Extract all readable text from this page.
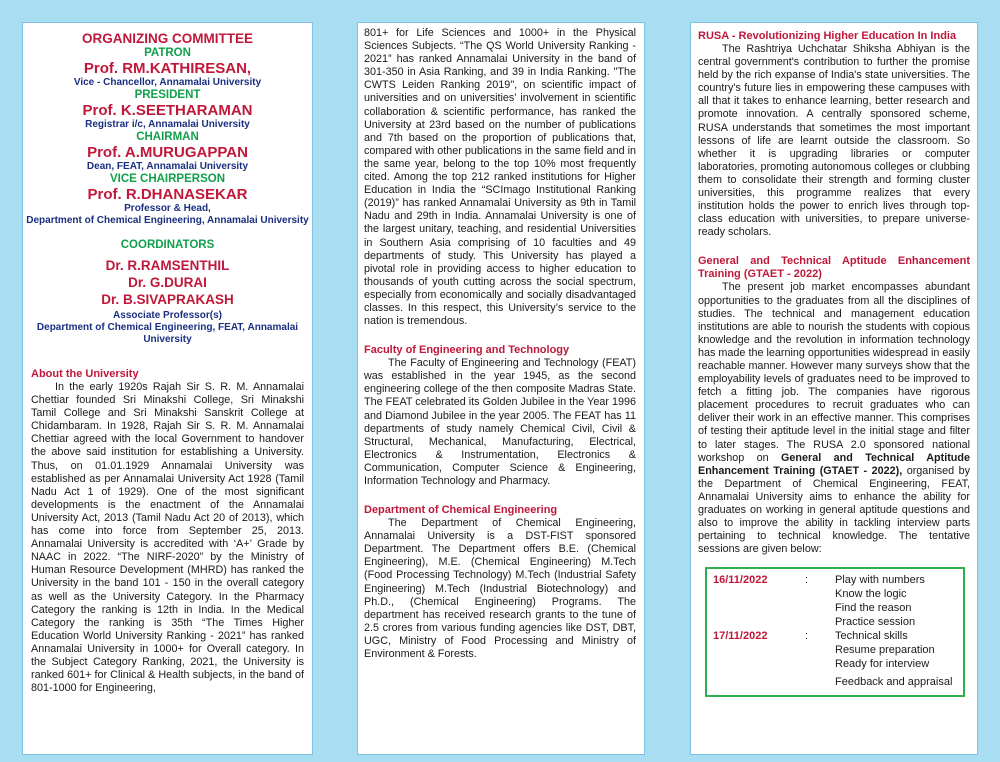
ORGANIZING COMMITTEE
PATRON
Prof. RM.KATHIRESAN,
Vice - Chancellor, Annamalai University
PRESIDENT
Prof. K.SEETHARAMAN
Registrar i/c, Annamalai University
CHAIRMAN
Prof. A.MURUGAPPAN
Dean, FEAT, Annamalai University
VICE CHAIRPERSON
Prof. R.DHANASEKAR
Professor & Head,
Department of Chemical Engineering, Annamalai University
COORDINATORS
Dr. R.RAMSENTHIL
Dr. G.DURAI
Dr. B.SIVAPRAKASH
Associate Professor(s)
Department of Chemical Engineering, FEAT, Annamalai University
About the University

In the early 1920s Rajah Sir S. R. M. Annamalai Chettiar founded Sri Minakshi College, Sri Minakshi Tamil College and Sri Minakshi Sanskrit College at Chidambaram. In 1928, Rajah Sir S. R. M. Annamalai Chettiar agreed with the local Government to handover the above said institution for establishing a University. Thus, on 01.01.1929 Annamalai University was established as per Annamalai University Act 1928 (Tamil Nadu Act 1 of 1929). One of the most significant developments is the enactment of the Annamalai University Act, 2013 (Tamil Nadu Act 20 of 2013), which has come into force from September 25, 2013. Annamalai University is accredited with ‘A+’ Grade by NAAC in 2022. “The NIRF-2020” by the Ministry of Human Resource Development (MHRD) has ranked the University in the band 101 - 150 in the overall category as well as the University Category. In the Pharmacy Category the ranking is 12th in India. In the Medical Category the ranking is 35th “The Times Higher Education World University Ranking - 2021” has ranked Annamalai University in 1000+ for Overall category. In the Subject Category Ranking, 2021, the University is ranked 601+ for Clinical & Health subjects, in the band of 801-1000 for Engineering,

801+ for Life Sciences and 1000+ in the Physical Sciences Subjects. “The QS World University Ranking - 2021” has ranked Annamalai University in the band of 301-350 in Asia Ranking, and 39 in India Ranking. "The CWTS Leiden Ranking 2019", on scientific impact of universities and on universities’ involvement in scientific collaboration & scientific performance, has ranked the University at 23rd based on the number of publications and 7th based on the proportion of publications that, compared with other publications in the same field and in the same year, belong to the top 10% most frequently cited. Among the top 212 ranked institutions for Higher Education in India the “SCImago Institutional Ranking (2019)” has ranked Annamalai University as 9th in Tamil Nadu and 29th in India. Annamalai University is one of the largest unitary, teaching, and residential Universities in Southern Asia comprising of 10 faculties and 49 departments of study. This University has played a pivotal role in providing access to higher education to thousands of youth cutting across the social spectrum, especially from economically and socially disadvantaged classes. In this respect, this University’s service to the nation is tremendous.

Faculty of Engineering and Technology

The Faculty of Engineering and Technology (FEAT) was established in the year 1945, as the second engineering college of the then composite Madras State. The FEAT celebrated its Golden Jubilee in the Year 1996 and Diamond Jubilee in the year 2005. The FEAT has 11 departments of study namely Chemical Civil, Civil & Structural, Mechanical, Manufacturing, Electrical, Electronics & Instrumentation, Electronics & Communication, Computer Science & Engineering, Information Technology and Pharmacy.

Department of Chemical Engineering

The Department of Chemical Engineering, Annamalai University is a DST-FIST sponsored Department. The Department offers B.E. (Chemical Engineering), M.E. (Chemical Engineering) M.Tech (Food Processing Technology) M.Tech (Industrial Safety Engineering) M.Tech (Industrial Biotechnology) and Ph.D., (Chemical Engineering) Programs. The department has received research grants to the tune of 2.5 crores from various funding agencies like DST, DBT, UGC, Ministry of Food Processing and Ministry of Environment & Forests.

RUSA - Revolutionizing Higher Education In India

The Rashtriya Uchchatar Shiksha Abhiyan is the central government's contribution to further the promise held by the rich expanse of India's state universities. The country's future lies in empowering these campuses with all that it takes to enhance learning, better research and promote innovation. A centrally sponsored scheme, RUSA understands that sometimes the most important lessons of life are learnt outside the classroom. So whether it is upgrading libraries or computer laboratories, promoting autonomous colleges or clubbing them to consolidate their strength and forming cluster universities, this programme realizes that every institution holds the power to enrich lives through top-class education with universities, to prepare universe-ready scholars.

General and Technical Aptitude Enhancement Training (GTAET - 2022)

The present job market encompasses abundant opportunities to the graduates from all the disciplines of studies. The technical and management education institutions are able to nourish the students with copious knowledge and the revolution in information technology has made the learning opportunities widespread in easily reachable manner. However many surveys show that the employability levels of graduates need to be improved to fetch a fitting job. The companies have rigorous placement procedures to recruit graduates who can deliver their work in an effective manner. This comprises of testing their aptitude level in the initial stage and filter to later stages. The RUSA 2.0 sponsored national workshop on General and Technical Aptitude Enhancement Training (GTAET - 2022), organised by the Department of Chemical Engineering, FEAT, Annamalai University aims to enhance the ability for graduates on working in general aptitude questions and also to improve the ability in tackling interview parts pertaining to technical knowledge. The tentative sessions are given below:

16/11/2022	:	Play with numbers
Know the logic
Find the reason
Practice session
17/11/2022	:	Technical skills
Resume preparation
Ready for interview
Feedback and appraisal
